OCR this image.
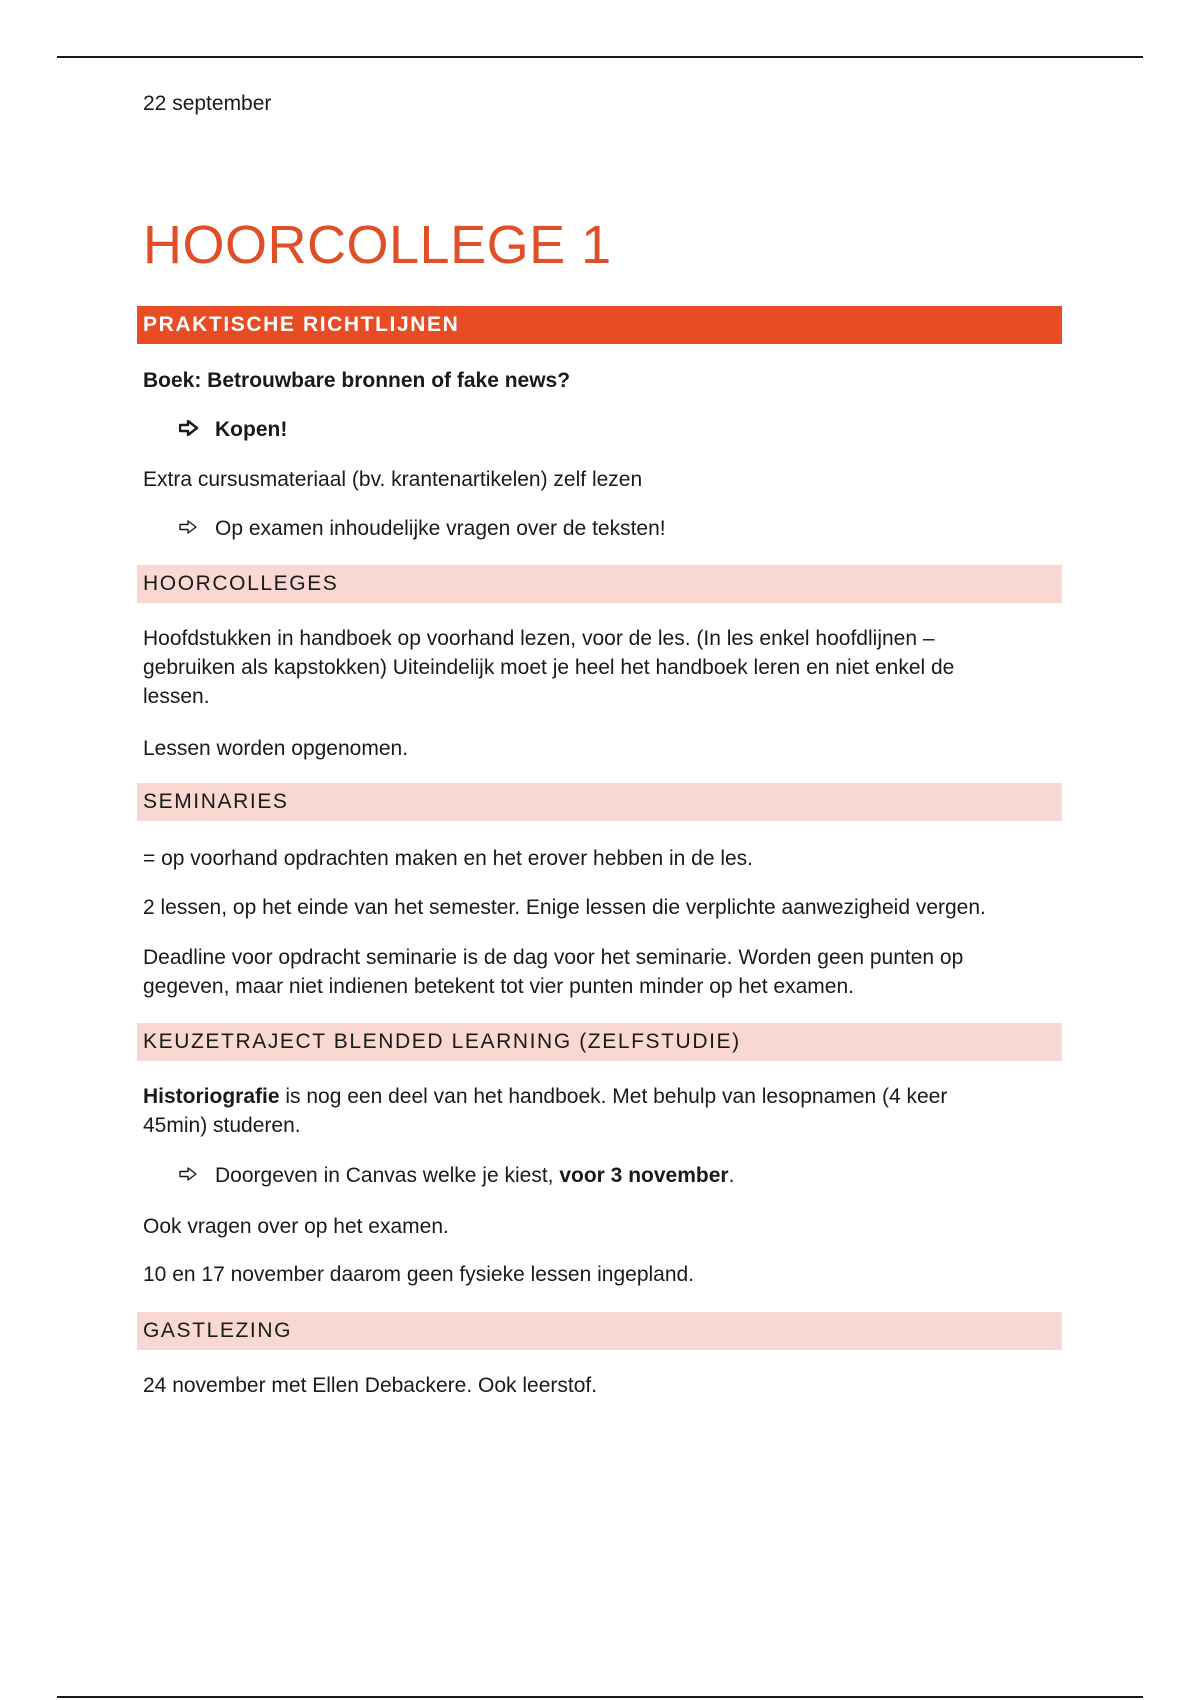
22 september
HOORCOLLEGE 1
PRAKTISCHE RICHTLIJNEN
Boek: Betrouwbare bronnen of fake news?
Kopen!
Extra cursusmateriaal (bv. krantenartikelen) zelf lezen
Op examen inhoudelijke vragen over de teksten!
HOORCOLLEGES
Hoofdstukken in handboek op voorhand lezen, voor de les. (In les enkel hoofdlijnen –
gebruiken als kapstokken) Uiteindelijk moet je heel het handboek leren en niet enkel de
lessen.
Lessen worden opgenomen.
SEMINARIES
= op voorhand opdrachten maken en het erover hebben in de les.
2 lessen, op het einde van het semester. Enige lessen die verplichte aanwezigheid vergen.
Deadline voor opdracht seminarie is de dag voor het seminarie. Worden geen punten op
gegeven, maar niet indienen betekent tot vier punten minder op het examen.
KEUZETRAJECT BLENDED LEARNING (ZELFSTUDIE)
Historiografie is nog een deel van het handboek. Met behulp van lesopnamen (4 keer
45min) studeren.
Doorgeven in Canvas welke je kiest, voor 3 november.
Ook vragen over op het examen.
10 en 17 november daarom geen fysieke lessen ingepland.
GASTLEZING
24 november met Ellen Debackere. Ook leerstof.
